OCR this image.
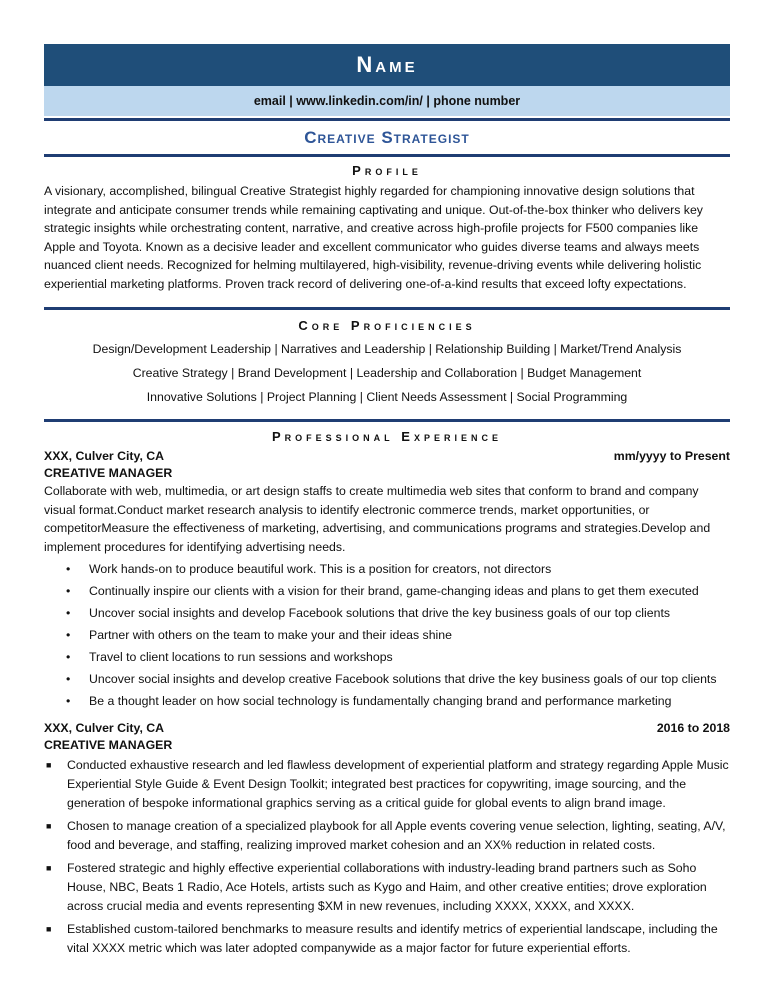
Name
email | www.linkedin.com/in/ | phone number
Creative Strategist
Profile

A visionary, accomplished, bilingual Creative Strategist highly regarded for championing innovative design solutions that integrate and anticipate consumer trends while remaining captivating and unique. Out-of-the-box thinker who delivers key strategic insights while orchestrating content, narrative, and creative across high-profile projects for F500 companies like Apple and Toyota. Known as a decisive leader and excellent communicator who guides diverse teams and always meets nuanced client needs. Recognized for helming multilayered, high-visibility, revenue-driving events while delivering holistic experiential marketing platforms. Proven track record of delivering one-of-a-kind results that exceed lofty expectations.

Core Proficiencies
Design/Development Leadership | Narratives and Leadership | Relationship Building | Market/Trend Analysis
Creative Strategy | Brand Development | Leadership and Collaboration | Budget Management
Innovative Solutions | Project Planning | Client Needs Assessment | Social Programming
Professional Experience
XXX, Culver City, CA	mm/yyyy to Present
CREATIVE MANAGER

Collaborate with web, multimedia, or art design staffs to create multimedia web sites that conform to brand and company visual format.Conduct market research analysis to identify electronic commerce trends, market opportunities, or competitorMeasure the effectiveness of marketing, advertising, and communications programs and strategies.Develop and implement procedures for identifying advertising needs.

• Work hands-on to produce beautiful work. This is a position for creators, not directors
• Continually inspire our clients with a vision for their brand, game-changing ideas and plans to get them executed
• Uncover social insights and develop Facebook solutions that drive the key business goals of our top clients
• Partner with others on the team to make your and their ideas shine
• Travel to client locations to run sessions and workshops
• Uncover social insights and develop creative Facebook solutions that drive the key business goals of our top clients
• Be a thought leader on how social technology is fundamentally changing brand and performance marketing
XXX, Culver City, CA	2016 to 2018
CREATIVE MANAGER
■ Conducted exhaustive research and led flawless development of experiential platform and strategy regarding Apple Music Experiential Style Guide & Event Design Toolkit; integrated best practices for copywriting, image sourcing, and the generation of bespoke informational graphics serving as a critical guide for global events to align brand image.
■ Chosen to manage creation of a specialized playbook for all Apple events covering venue selection, lighting, seating, A/V, food and beverage, and staffing, realizing improved market cohesion and an XX% reduction in related costs.
■ Fostered strategic and highly effective experiential collaborations with industry-leading brand partners such as Soho House, NBC, Beats 1 Radio, Ace Hotels, artists such as Kygo and Haim, and other creative entities; drove exploration across crucial media and events representing $XM in new revenues, including XXXX, XXXX, and XXXX.
■ Established custom-tailored benchmarks to measure results and identify metrics of experiential landscape, including the vital XXXX metric which was later adopted companywide as a major factor for future experiential efforts.
